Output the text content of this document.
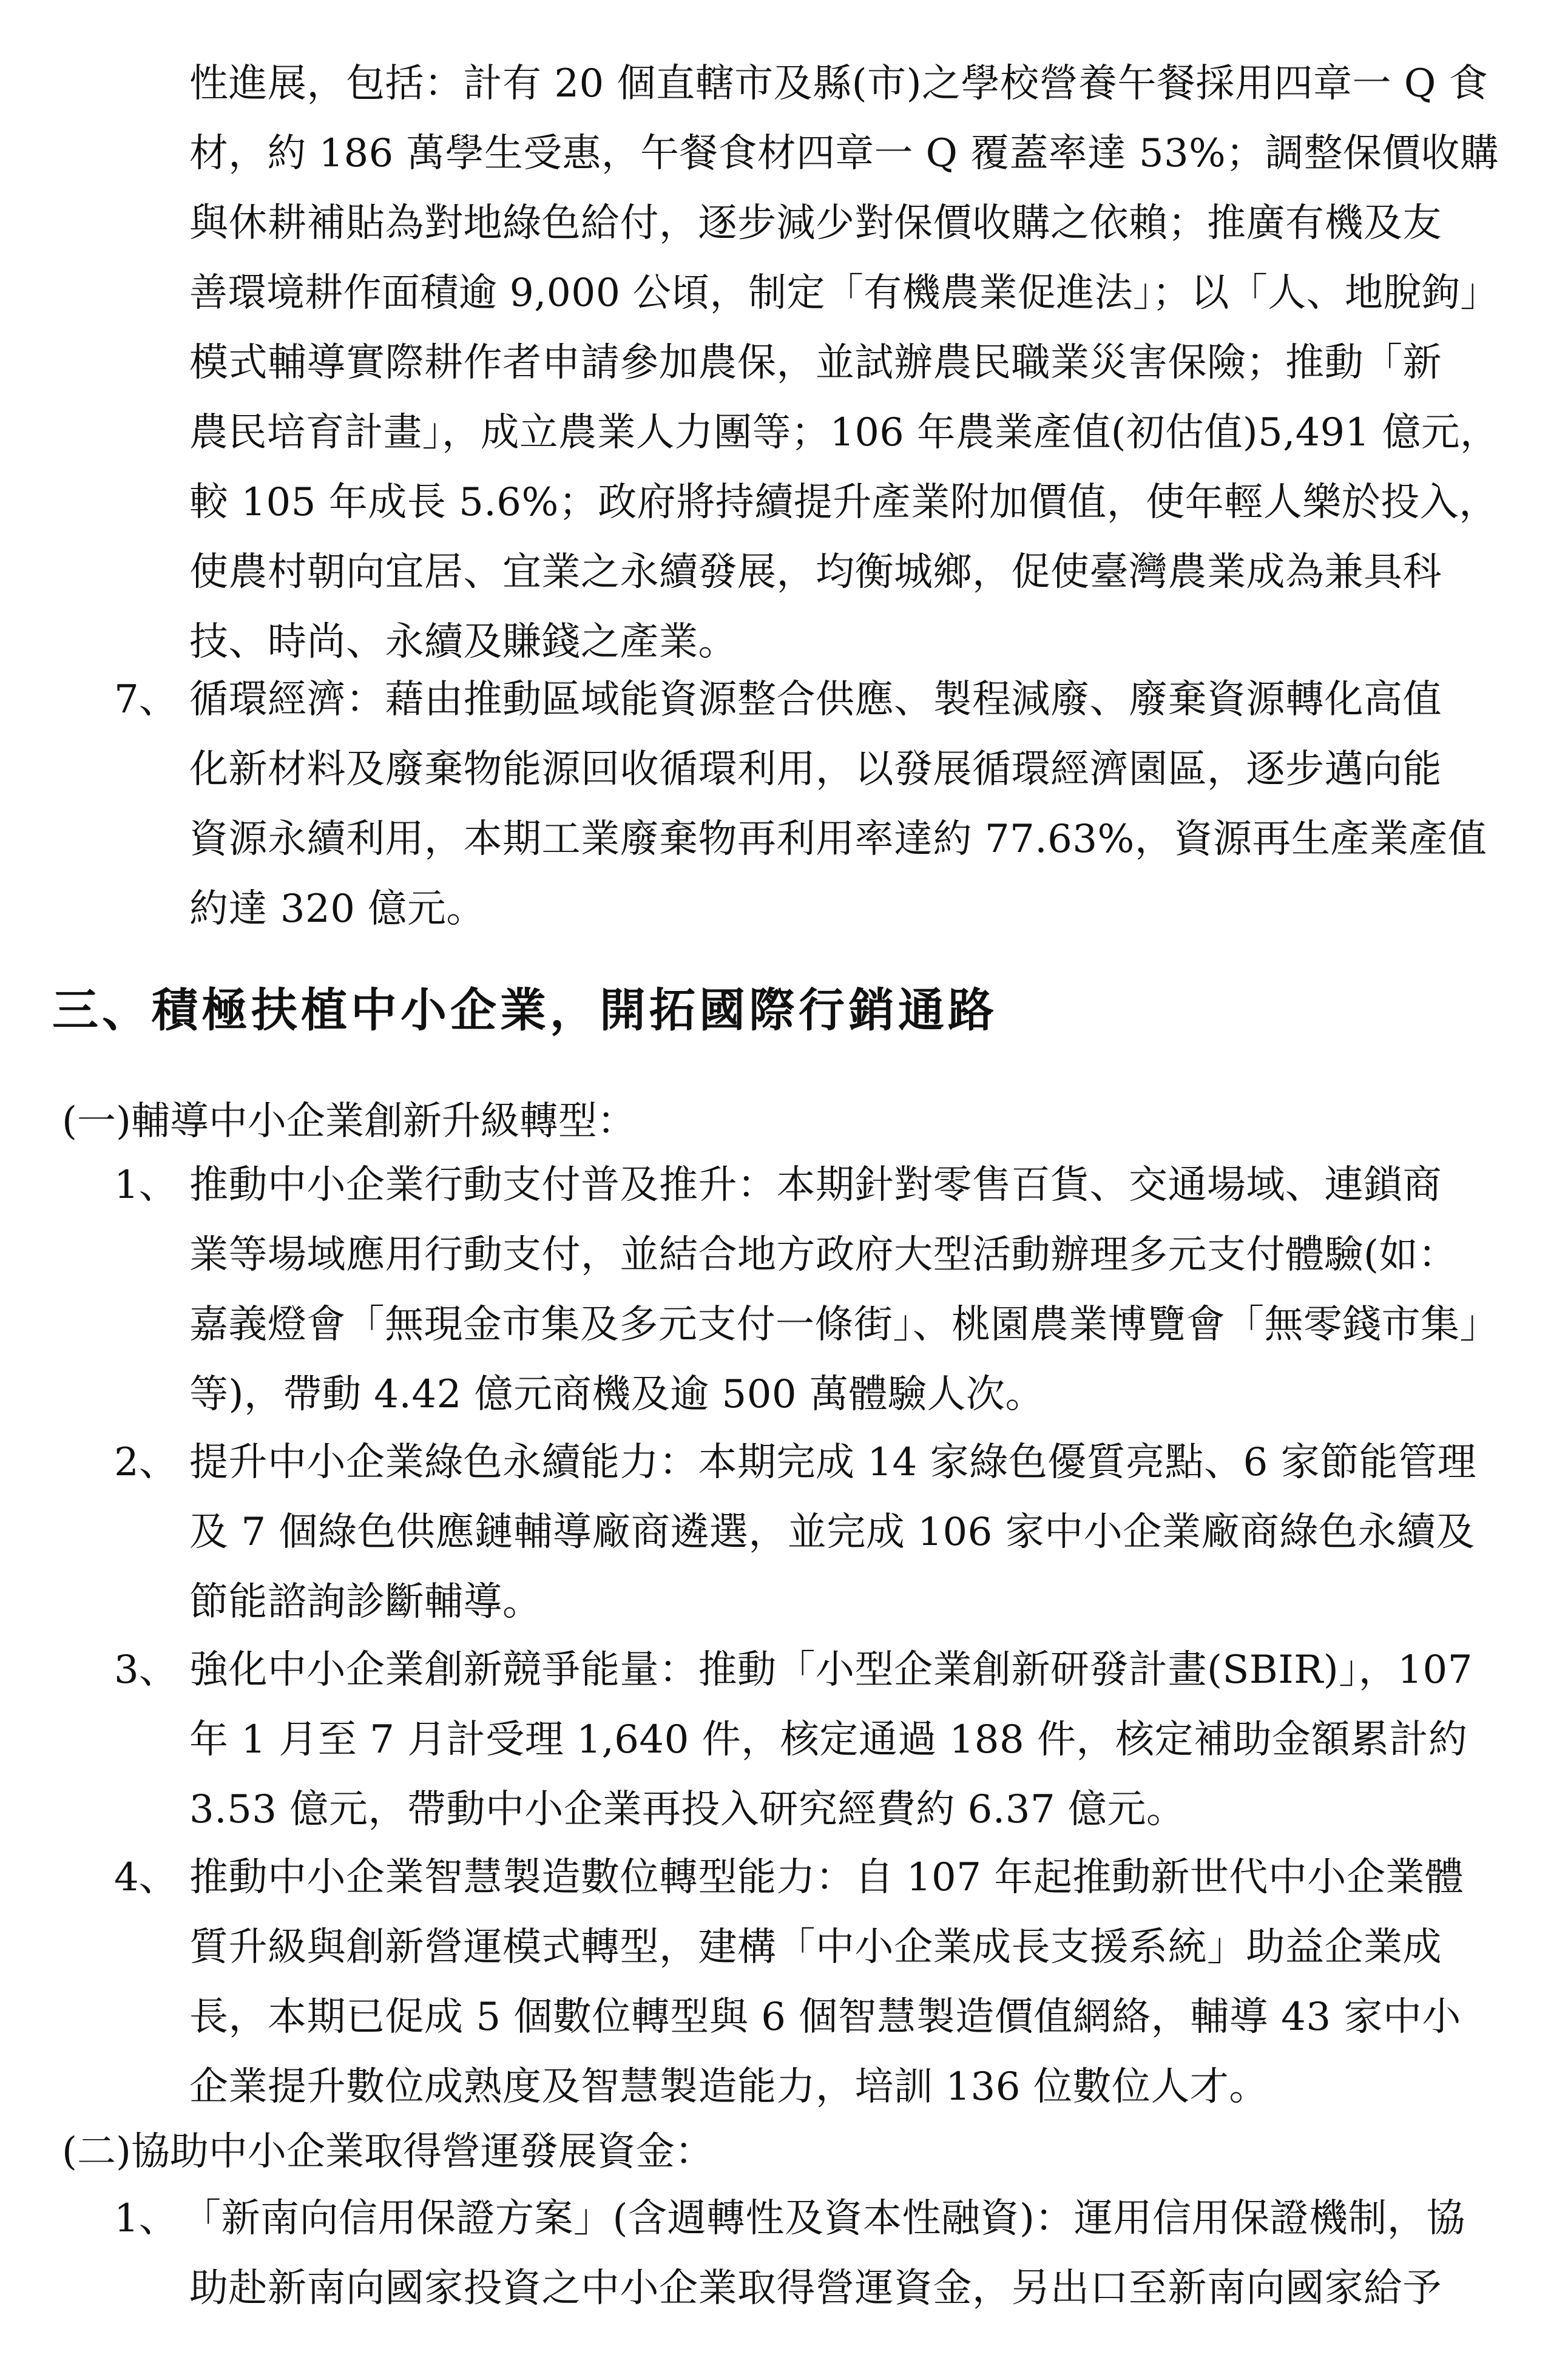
性進展，包括：計有 20 個直轄市及縣(市)之學校營養午餐採用四章一 Q 食
材，約 186 萬學生受惠，午餐食材四章一 Q 覆蓋率達 53%；調整保價收購
與休耕補貼為對地綠色給付，逐步減少對保價收購之依賴；推廣有機及友
善環境耕作面積逾 9,000 公頃，制定「有機農業促進法」；以「人、地脫鉤」
模式輔導實際耕作者申請參加農保，並試辦農民職業災害保險；推動「新
農民培育計畫」，成立農業人力團等；106 年農業產值(初估值)5,491 億元，
較 105 年成長 5.6%；政府將持續提升產業附加價值，使年輕人樂於投入，
使農村朝向宜居、宜業之永續發展，均衡城鄉，促使臺灣農業成為兼具科
技、時尚、永續及賺錢之產業。
7、 循環經濟：藉由推動區域能資源整合供應、製程減廢、廢棄資源轉化高值
化新材料及廢棄物能源回收循環利用，以發展循環經濟園區，逐步邁向能
資源永續利用，本期工業廢棄物再利用率達約 77.63%，資源再生產業產值
約達 320 億元。
三、積極扶植中小企業，開拓國際行銷通路
(一)輔導中小企業創新升級轉型：
1、 推動中小企業行動支付普及推升：本期針對零售百貨、交通場域、連鎖商
業等場域應用行動支付，並結合地方政府大型活動辦理多元支付體驗(如：
嘉義燈會「無現金市集及多元支付一條街」、桃園農業博覽會「無零錢市集」
等)，帶動 4.42 億元商機及逾 500 萬體驗人次。
2、 提升中小企業綠色永續能力：本期完成 14 家綠色優質亮點、6 家節能管理
及 7 個綠色供應鏈輔導廠商遴選，並完成 106 家中小企業廠商綠色永續及
節能諮詢診斷輔導。
3、 強化中小企業創新競爭能量：推動「小型企業創新研發計畫(SBIR)」，107
年 1 月至 7 月計受理 1,640 件，核定通過 188 件，核定補助金額累計約
3.53 億元，帶動中小企業再投入研究經費約 6.37 億元。
4、 推動中小企業智慧製造數位轉型能力：自 107 年起推動新世代中小企業體
質升級與創新營運模式轉型，建構「中小企業成長支援系統」助益企業成
長，本期已促成 5 個數位轉型與 6 個智慧製造價值網絡，輔導 43 家中小
企業提升數位成熟度及智慧製造能力，培訓 136 位數位人才。
(二)協助中小企業取得營運發展資金：
1、 「新南向信用保證方案」(含週轉性及資本性融資)：運用信用保證機制，協
助赴新南向國家投資之中小企業取得營運資金，另出口至新南向國家給予
